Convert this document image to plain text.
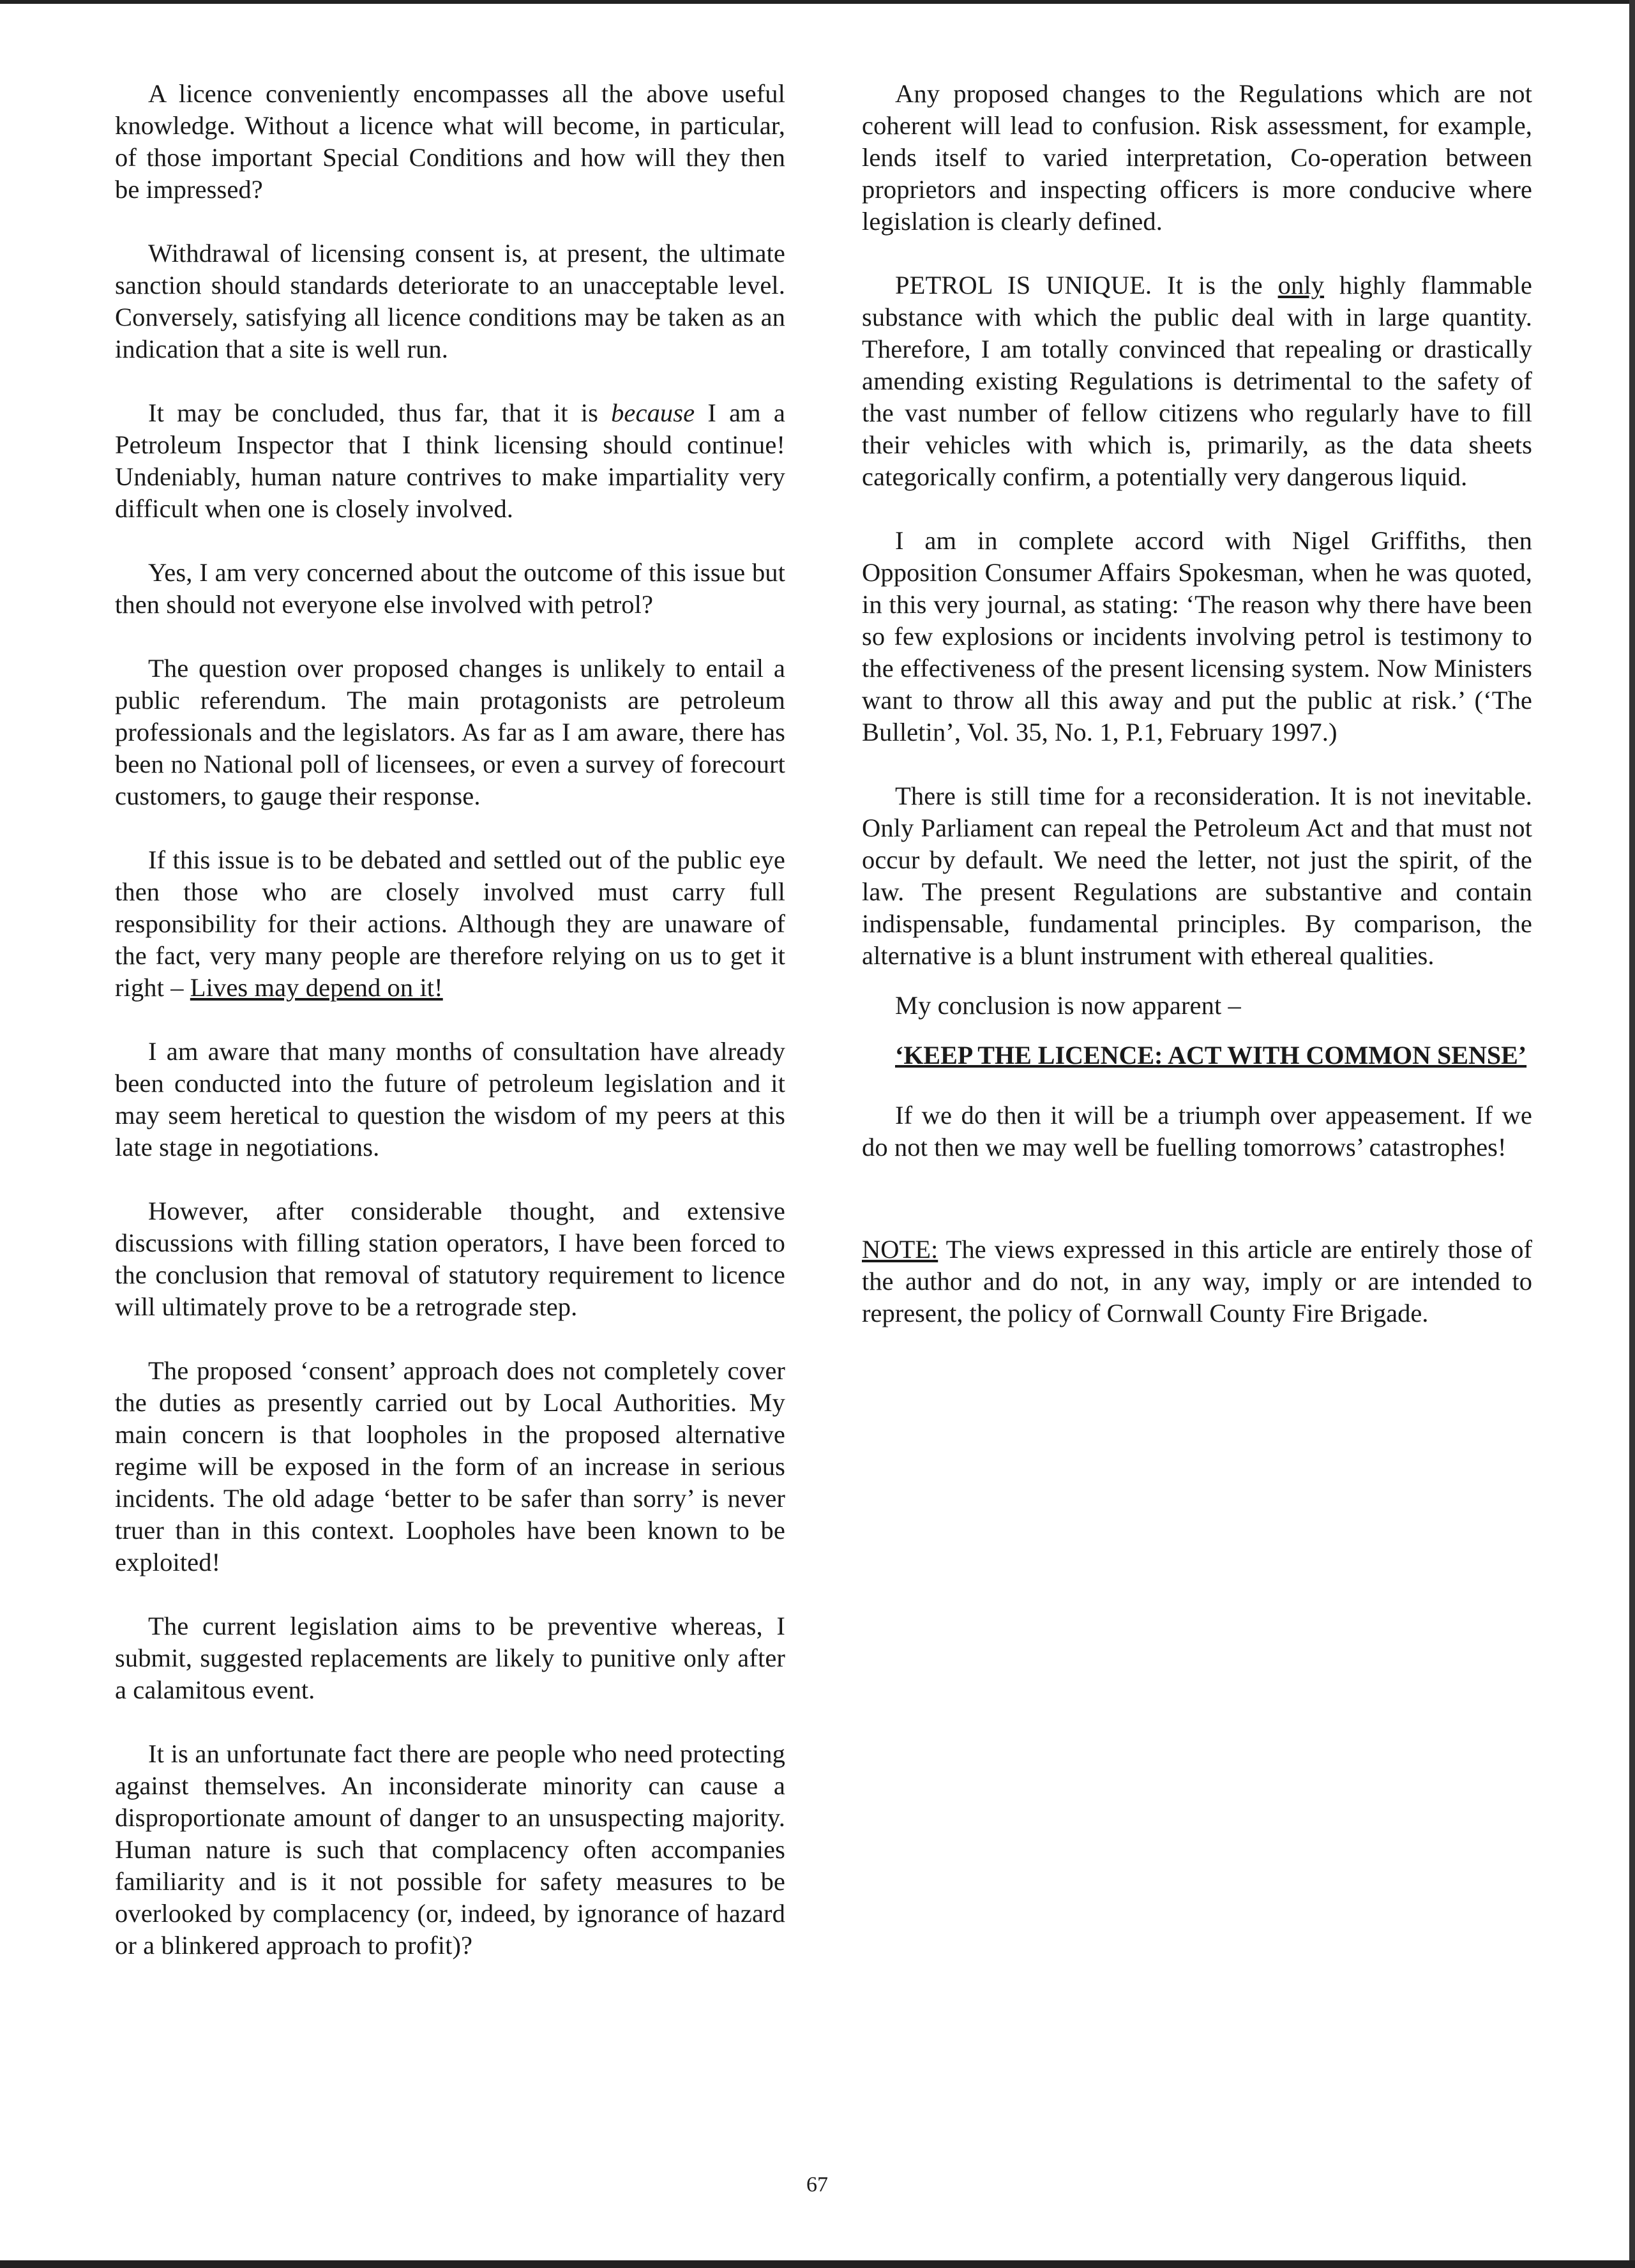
A licence conveniently encompasses all the above useful knowledge. Without a licence what will become, in particular, of those important Special Conditions and how will they then be impressed?

Withdrawal of licensing consent is, at present, the ultimate sanction should standards deteriorate to an unacceptable level. Conversely, satisfying all licence conditions may be taken as an indication that a site is well run.

It may be concluded, thus far, that it is because I am a Petroleum Inspector that I think licensing should continue! Undeniably, human nature contrives to make impartiality very difficult when one is closely involved.

Yes, I am very concerned about the outcome of this issue but then should not everyone else involved with petrol?

The question over proposed changes is unlikely to entail a public referendum. The main protagonists are petroleum professionals and the legislators. As far as I am aware, there has been no National poll of licensees, or even a survey of forecourt customers, to gauge their response.

If this issue is to be debated and settled out of the public eye then those who are closely involved must carry full responsibility for their actions. Although they are unaware of the fact, very many people are therefore relying on us to get it right – Lives may depend on it!

I am aware that many months of consultation have already been conducted into the future of petroleum legislation and it may seem heretical to question the wisdom of my peers at this late stage in negotiations.

However, after considerable thought, and extensive discussions with filling station operators, I have been forced to the conclusion that removal of statutory requirement to licence will ultimately prove to be a retrograde step.

The proposed ‘consent’ approach does not completely cover the duties as presently carried out by Local Authorities. My main concern is that loopholes in the proposed alternative regime will be exposed in the form of an increase in serious incidents. The old adage ‘better to be safer than sorry’ is never truer than in this context. Loopholes have been known to be exploited!

The current legislation aims to be preventive whereas, I submit, suggested replacements are likely to punitive only after a calamitous event.

It is an unfortunate fact there are people who need protecting against themselves. An inconsiderate minority can cause a disproportionate amount of danger to an unsuspecting majority. Human nature is such that complacency often accompanies familiarity and is it not possible for safety measures to be overlooked by complacency (or, indeed, by ignorance of hazard or a blinkered approach to profit)?

Any proposed changes to the Regulations which are not coherent will lead to confusion. Risk assessment, for example, lends itself to varied interpretation, Co-operation between proprietors and inspecting officers is more conducive where legislation is clearly defined.

PETROL IS UNIQUE. It is the only highly flammable substance with which the public deal with in large quantity. Therefore, I am totally convinced that repealing or drastically amending existing Regulations is detrimental to the safety of the vast number of fellow citizens who regularly have to fill their vehicles with which is, primarily, as the data sheets categorically confirm, a potentially very dangerous liquid.

I am in complete accord with Nigel Griffiths, then Opposition Consumer Affairs Spokesman, when he was quoted, in this very journal, as stating: ‘The reason why there have been so few explosions or incidents involving petrol is testimony to the effectiveness of the present licensing system. Now Ministers want to throw all this away and put the public at risk.’ (‘The Bulletin’, Vol. 35, No. 1, P.1, February 1997.)

There is still time for a reconsideration. It is not inevitable. Only Parliament can repeal the Petroleum Act and that must not occur by default. We need the letter, not just the spirit, of the law. The present Regulations are substantive and contain indispensable, fundamental principles. By comparison, the alternative is a blunt instrument with ethereal qualities.

My conclusion is now apparent –

‘KEEP THE LICENCE: ACT WITH COMMON SENSE’

If we do then it will be a triumph over appeasement. If we do not then we may well be fuelling tomorrows’ catastrophes!

NOTE: The views expressed in this article are entirely those of the author and do not, in any way, imply or are intended to represent, the policy of Cornwall County Fire Brigade.

67
